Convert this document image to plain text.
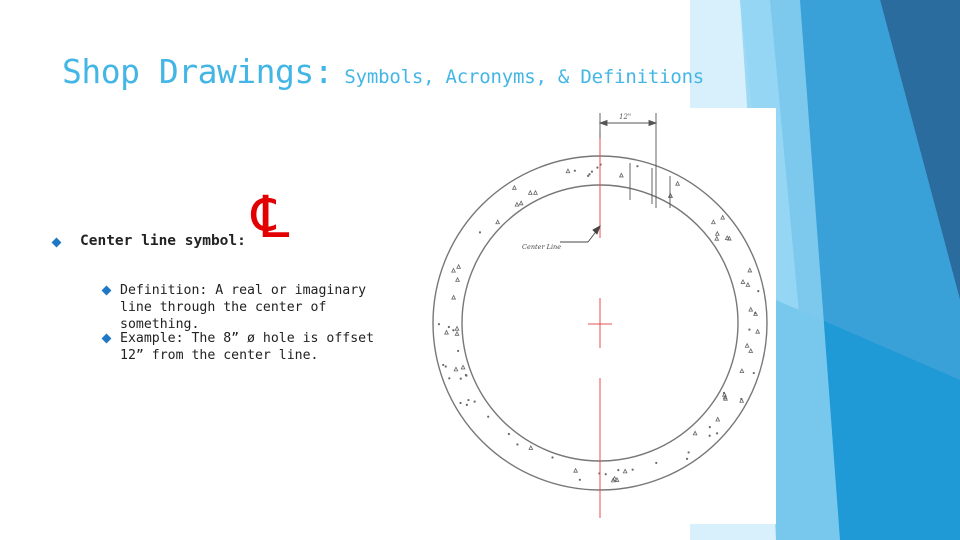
Shop Drawings: Symbols, Acronyms, & Definitions
Center line symbol: ℄
Definition: A real or imaginary line through the center of something.
Example: The 8” ø hole is offset 12” from the center line.
12"
Center Line
